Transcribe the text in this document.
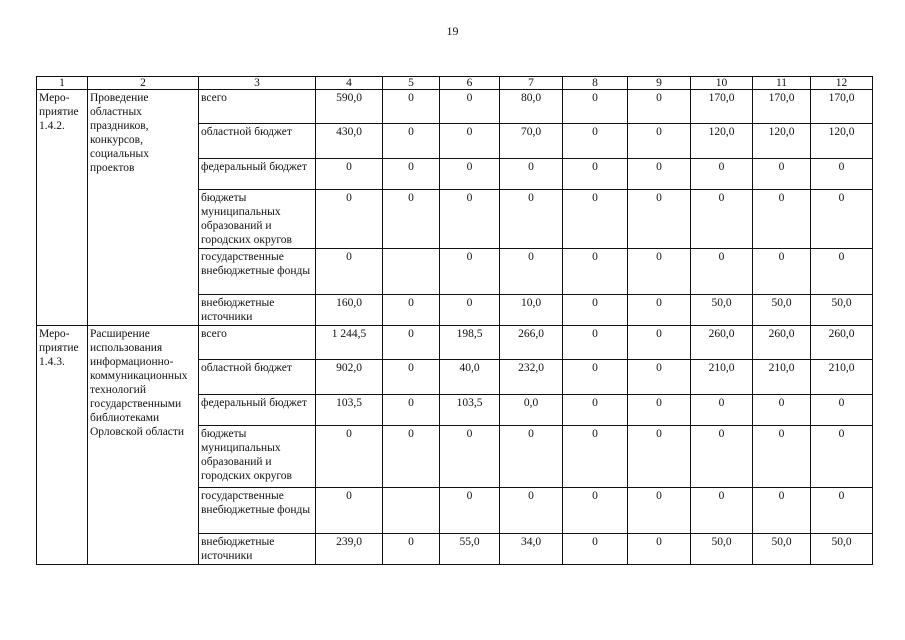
19
1	2	3	4	5	6	7	8	9	10	11	12
Меро-приятие 1.4.2.	Проведение областных праздников, конкурсов, социальных проектов	всего	590,0	0	0	80,0	0	0	170,0	170,0	170,0
		областной бюджет	430,0	0	0	70,0	0	0	120,0	120,0	120,0
		федеральный бюджет	0	0	0	0	0	0	0	0	0
		бюджеты муниципальных образований и городских округов	0	0	0	0	0	0	0	0	0
		государственные внебюджетные фонды	0		0	0	0	0	0	0	0
		внебюджетные источники	160,0	0	0	10,0	0	0	50,0	50,0	50,0
Меро-приятие 1.4.3.	Расширение использования информационно-коммуникационных технологий государственными библиотеками Орловской области	всего	1 244,5	0	198,5	266,0	0	0	260,0	260,0	260,0
		областной бюджет	902,0	0	40,0	232,0	0	0	210,0	210,0	210,0
		федеральный бюджет	103,5	0	103,5	0,0	0	0	0	0	0
		бюджеты муниципальных образований и городских округов	0	0	0	0	0	0	0	0	0
		государственные внебюджетные фонды	0		0	0	0	0	0	0	0
		внебюджетные источники	239,0	0	55,0	34,0	0	0	50,0	50,0	50,0
